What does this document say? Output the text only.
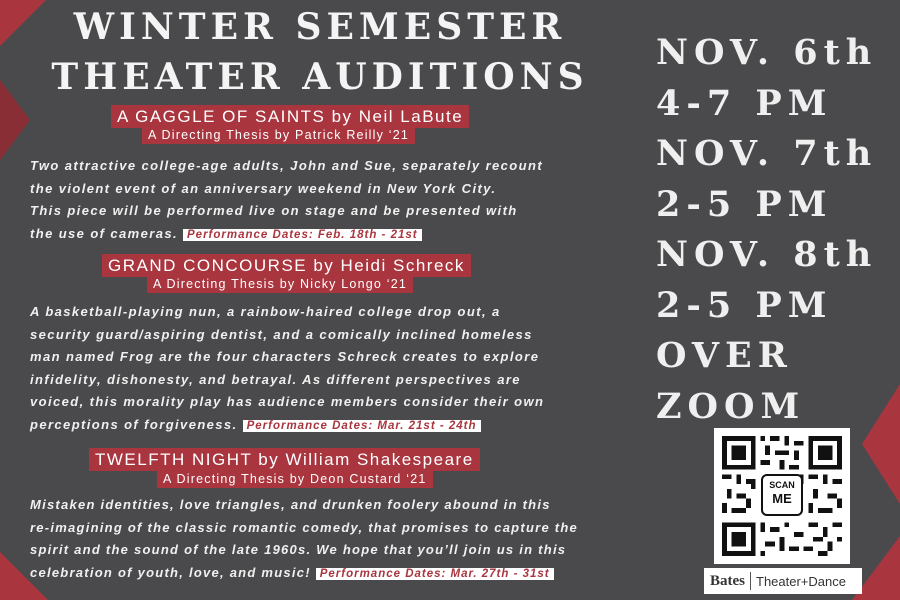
WINTER SEMESTER
THEATER AUDITIONS
A GAGGLE OF SAINTS by Neil LaBute
A Directing Thesis by Patrick Reilly ‘21

Two attractive college-age adults, John and Sue, separately recount
the violent event of an anniversary weekend in New York City.
This piece will be performed live on stage and be presented with
the use of cameras. Performance Dates: Feb. 18th - 21st

GRAND CONCOURSE by Heidi Schreck
A Directing Thesis by Nicky Longo ‘21

A basketball-playing nun, a rainbow-haired college drop out, a
security guard/aspiring dentist, and a comically inclined homeless
man named Frog are the four characters Schreck creates to explore
infidelity, dishonesty, and betrayal. As different perspectives are
voiced, this morality play has audience members consider their own
perceptions of forgiveness. Performance Dates: Mar. 21st - 24th

TWELFTH NIGHT by William Shakespeare
A Directing Thesis by Deon Custard ‘21

Mistaken identities, love triangles, and drunken foolery abound in this
re-imagining of the classic romantic comedy, that promises to capture the
spirit and the sound of the late 1960s. We hope that you’ll join us in this
celebration of youth, love, and music! Performance Dates: Mar. 27th - 31st

NOV. 6th
4-7 PM
NOV. 7th
2-5 PM
NOV. 8th
2-5 PM
OVER
ZOOM
SCAN
ME
Bates Theater+Dance
